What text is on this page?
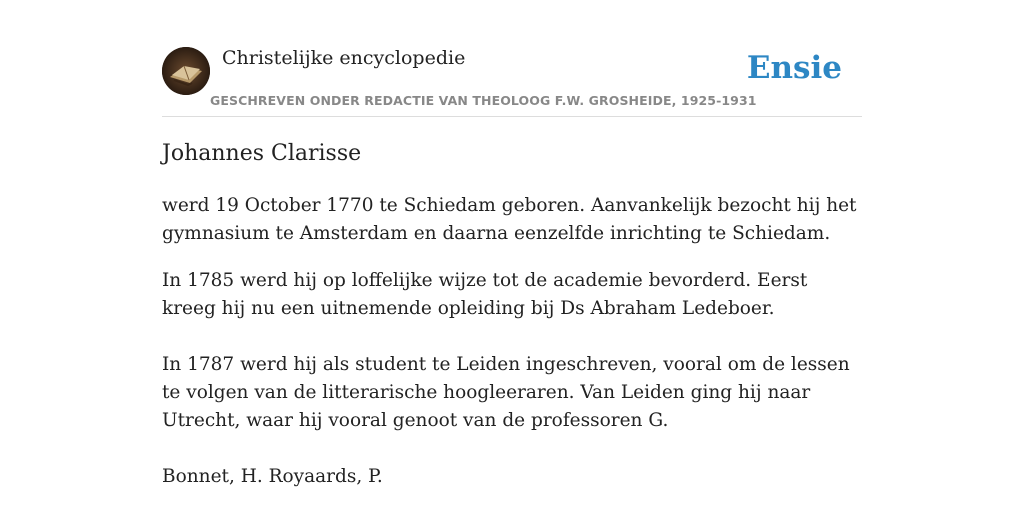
Christelijke encyclopedie
GESCHREVEN ONDER REDACTIE VAN THEOLOOG F.W. GROSHEIDE, 1925-1931
Ensie
Johannes Clarisse

werd 19 October 1770 te Schiedam geboren. Aanvankelijk bezocht hij het gymnasium te Amsterdam en daarna eenzelfde inrichting te Schiedam.

In 1785 werd hij op loffelijke wijze tot de academie bevorderd. Eerst kreeg hij nu een uitnemende opleiding bij Ds Abraham Ledeboer.

In 1787 werd hij als student te Leiden ingeschreven, vooral om de lessen te volgen van de litterarische hoogleeraren. Van Leiden ging hij naar Utrecht, waar hij vooral genoot van de professoren G.

Bonnet, H. Royaards, P.
